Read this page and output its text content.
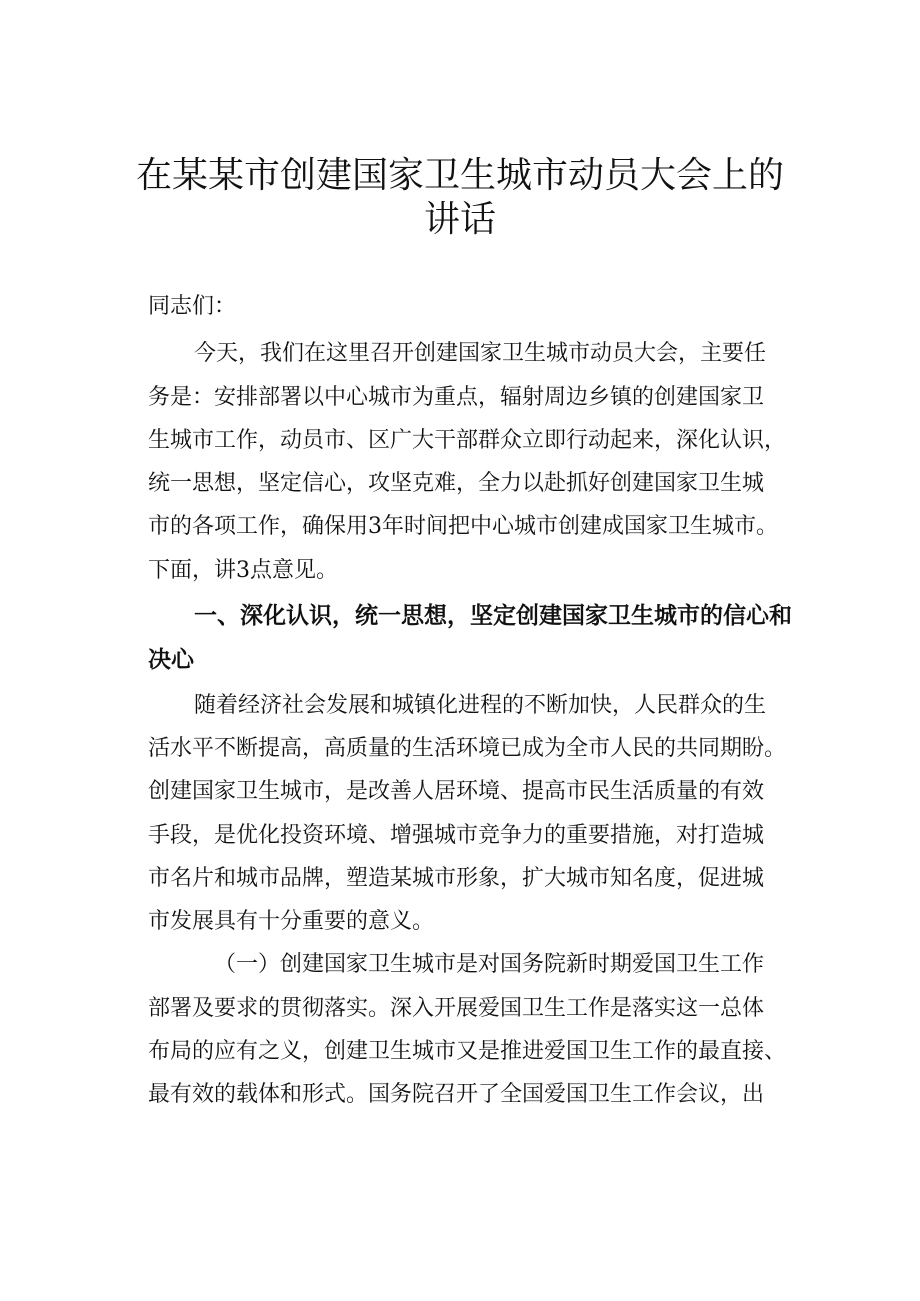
在某某市创建国家卫生城市动员大会上的
讲话
同志们：
今天，我们在这里召开创建国家卫生城市动员大会，主要任
务是：安排部署以中心城市为重点，辐射周边乡镇的创建国家卫
生城市工作，动员市、区广大干部群众立即行动起来，深化认识，
统一思想，坚定信心，攻坚克难，全力以赴抓好创建国家卫生城
市的各项工作，确保用3年时间把中心城市创建成国家卫生城市。
下面，讲3点意见。
一、深化认识，统一思想，坚定创建国家卫生城市的信心和
决心
随着经济社会发展和城镇化进程的不断加快，人民群众的生
活水平不断提高，高质量的生活环境已成为全市人民的共同期盼。
创建国家卫生城市，是改善人居环境、提高市民生活质量的有效
手段，是优化投资环境、增强城市竞争力的重要措施，对打造城
市名片和城市品牌，塑造某城市形象，扩大城市知名度，促进城
市发展具有十分重要的意义。
（一）创建国家卫生城市是对国务院新时期爱国卫生工作
部署及要求的贯彻落实。深入开展爱国卫生工作是落实这一总体
布局的应有之义，创建卫生城市又是推进爱国卫生工作的最直接、
最有效的载体和形式。国务院召开了全国爱国卫生工作会议，出
